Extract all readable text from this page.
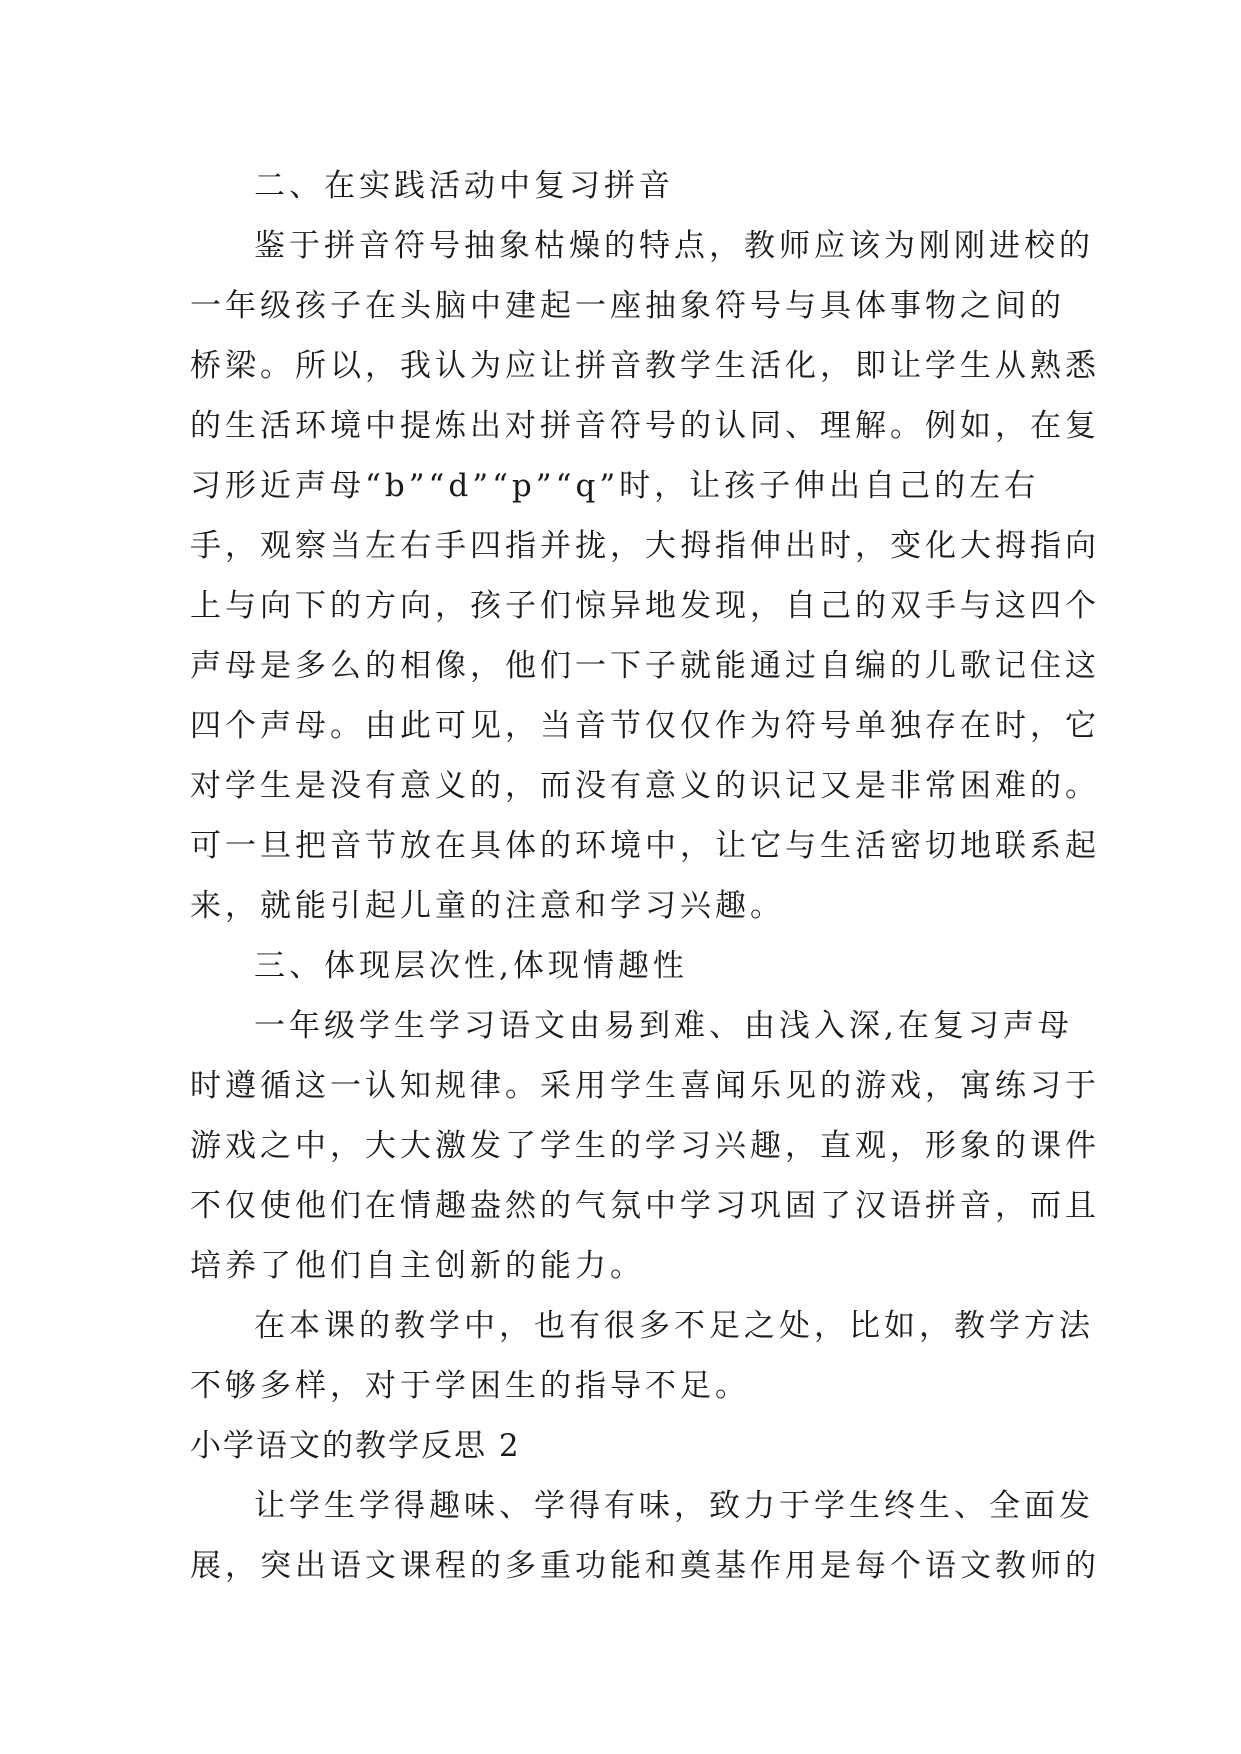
二、在实践活动中复习拼音
鉴于拼音符号抽象枯燥的特点，教师应该为刚刚进校的
一年级孩子在头脑中建起一座抽象符号与具体事物之间的
桥梁。所以，我认为应让拼音教学生活化，即让学生从熟悉
的生活环境中提炼出对拼音符号的认同、理解。例如，在复
习形近声母“b”“d”“p”“q”时，让孩子伸出自己的左右
手，观察当左右手四指并拢，大拇指伸出时，变化大拇指向
上与向下的方向，孩子们惊异地发现，自己的双手与这四个
声母是多么的相像，他们一下子就能通过自编的儿歌记住这
四个声母。由此可见，当音节仅仅作为符号单独存在时，它
对学生是没有意义的，而没有意义的识记又是非常困难的。
可一旦把音节放在具体的环境中，让它与生活密切地联系起
来，就能引起儿童的注意和学习兴趣。
三、体现层次性,体现情趣性
一年级学生学习语文由易到难、由浅入深,在复习声母
时遵循这一认知规律。采用学生喜闻乐见的游戏，寓练习于
游戏之中，大大激发了学生的学习兴趣，直观，形象的课件
不仅使他们在情趣盎然的气氛中学习巩固了汉语拼音，而且
培养了他们自主创新的能力。
在本课的教学中，也有很多不足之处，比如，教学方法
不够多样，对于学困生的指导不足。
小学语文的教学反思 2
让学生学得趣味、学得有味，致力于学生终生、全面发
展，突出语文课程的多重功能和奠基作用是每个语文教师的
